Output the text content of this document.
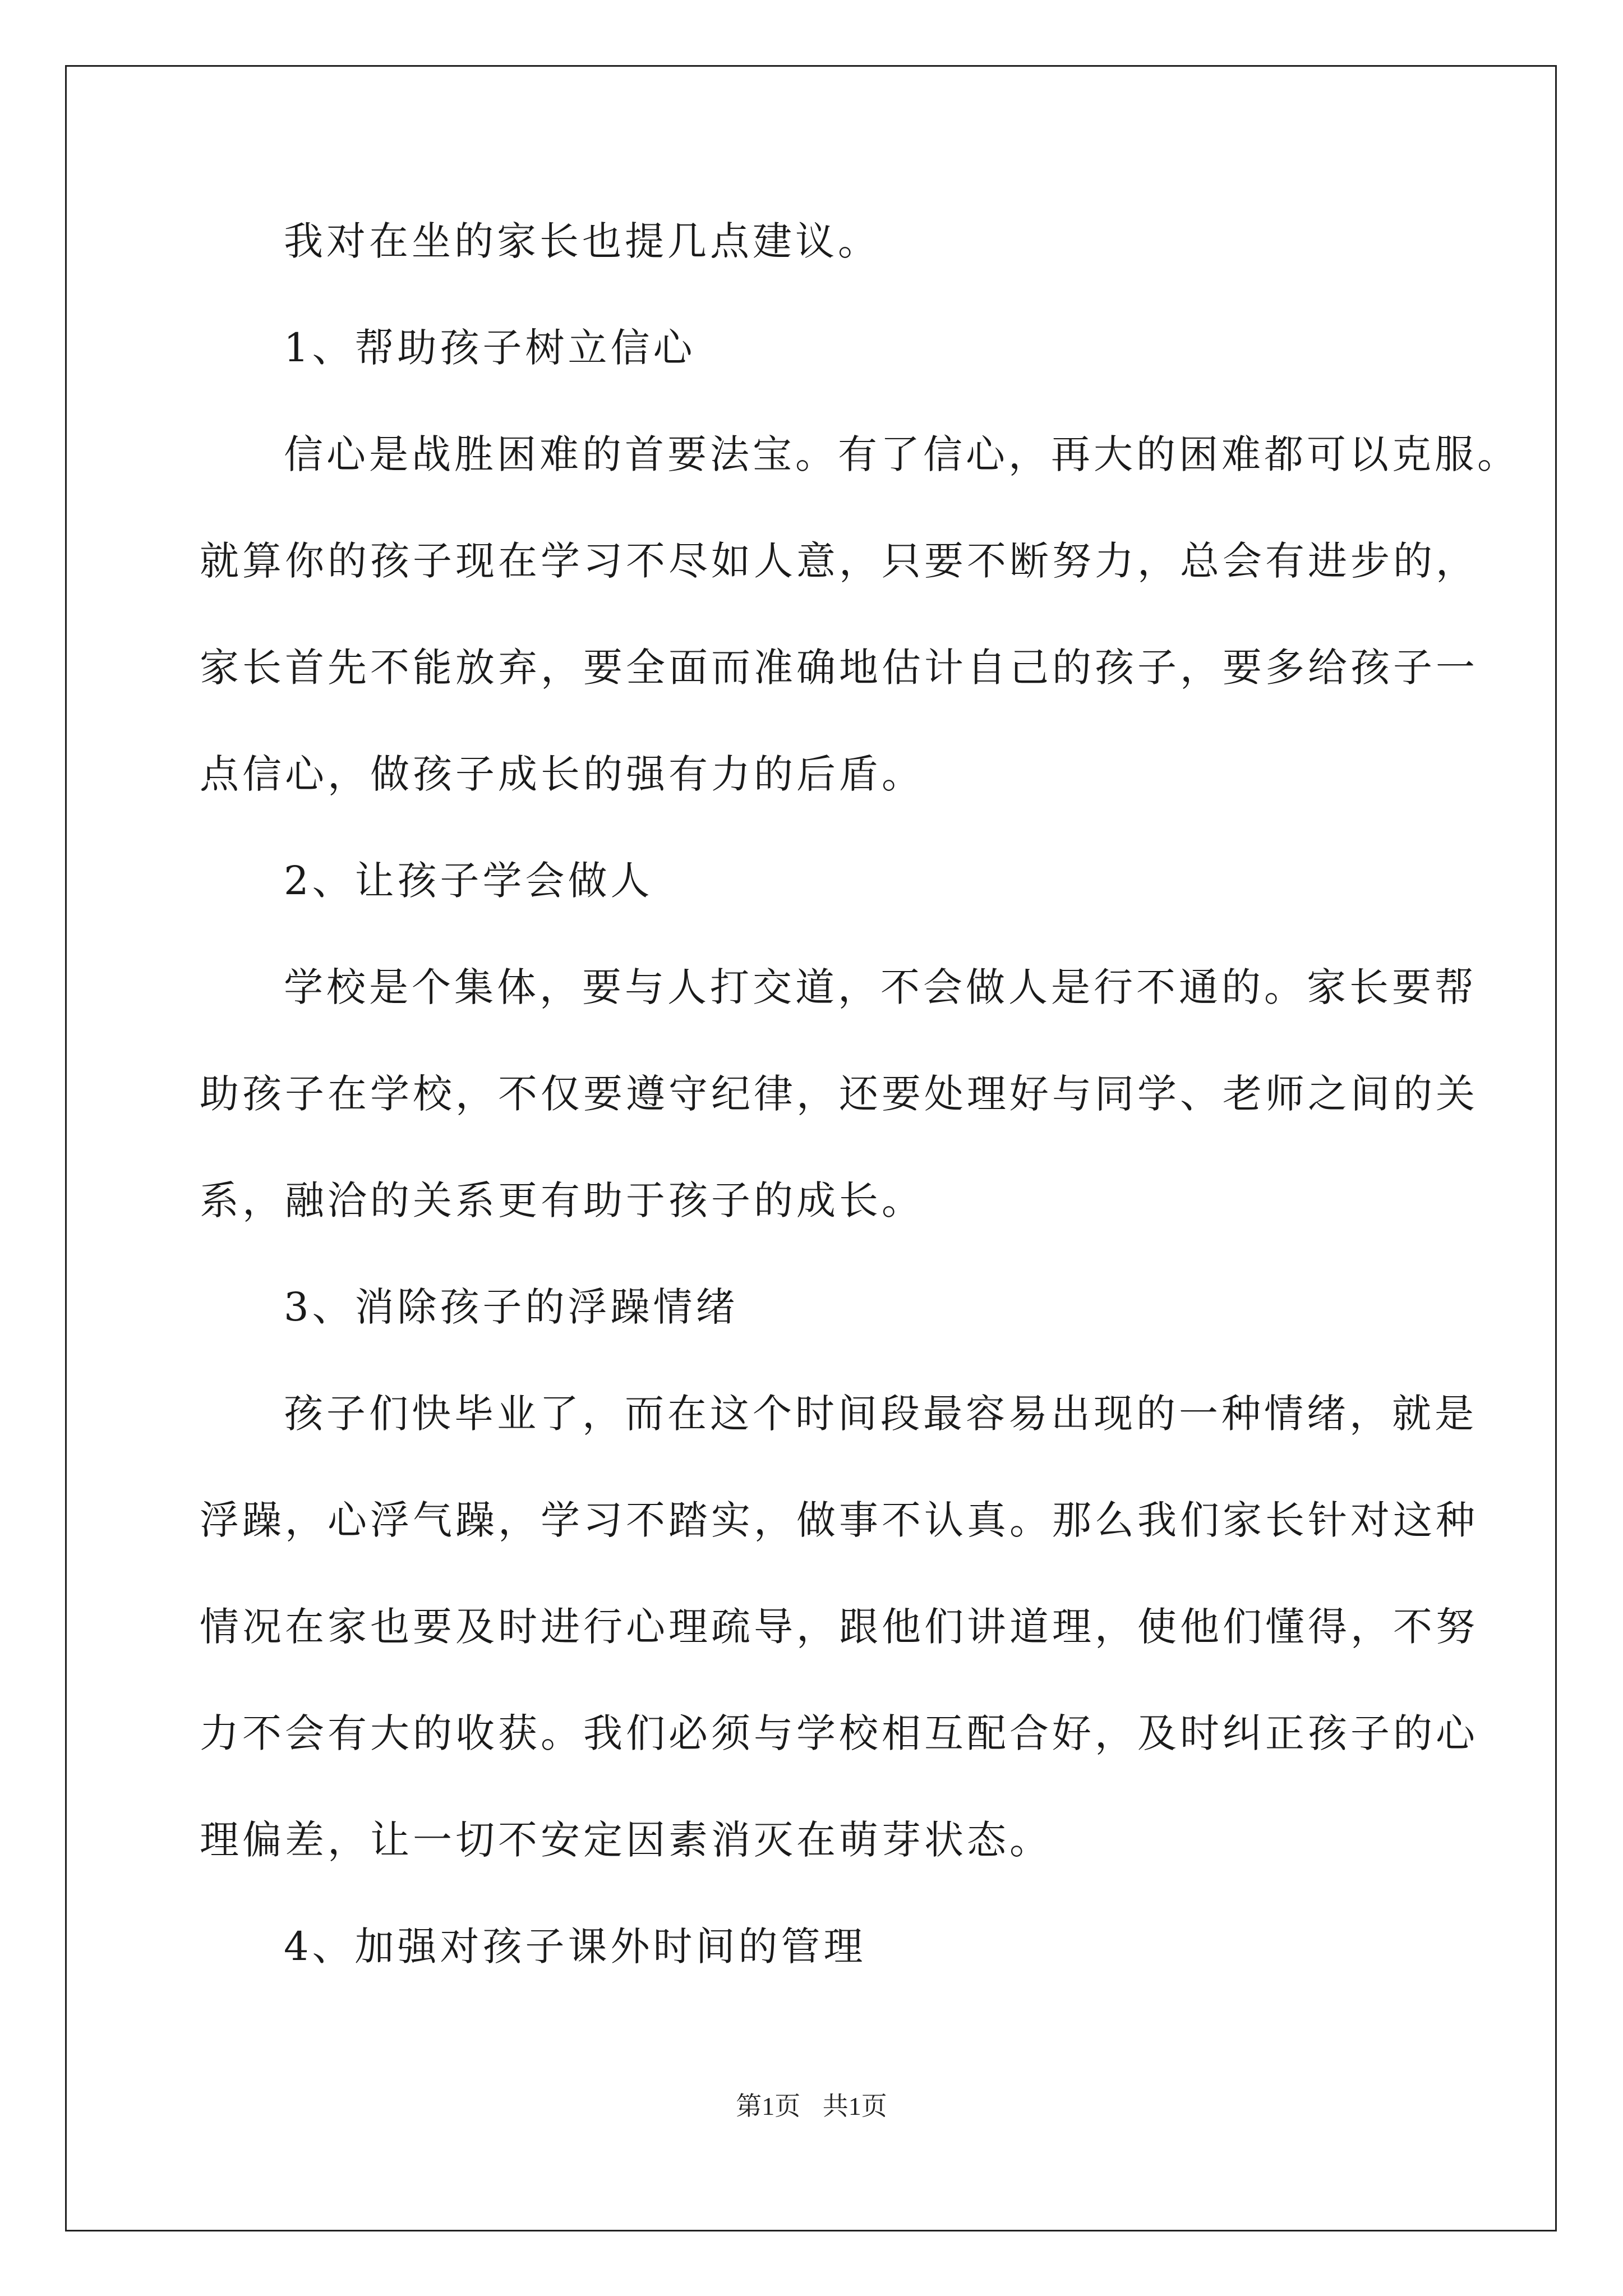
我对在坐的家长也提几点建议。
1、帮助孩子树立信心
信心是战胜困难的首要法宝。有了信心，再大的困难都可以克服。
就算你的孩子现在学习不尽如人意，只要不断努力，总会有进步的，
家长首先不能放弃，要全面而准确地估计自己的孩子，要多给孩子一
点信心，做孩子成长的强有力的后盾。
2、让孩子学会做人
学校是个集体，要与人打交道，不会做人是行不通的。家长要帮
助孩子在学校，不仅要遵守纪律，还要处理好与同学、老师之间的关
系，融洽的关系更有助于孩子的成长。
3、消除孩子的浮躁情绪
孩子们快毕业了，而在这个时间段最容易出现的一种情绪，就是
浮躁，心浮气躁，学习不踏实，做事不认真。那么我们家长针对这种
情况在家也要及时进行心理疏导，跟他们讲道理，使他们懂得，不努
力不会有大的收获。我们必须与学校相互配合好，及时纠正孩子的心
理偏差，让一切不安定因素消灭在萌芽状态。
4、加强对孩子课外时间的管理
第1页 共1页
